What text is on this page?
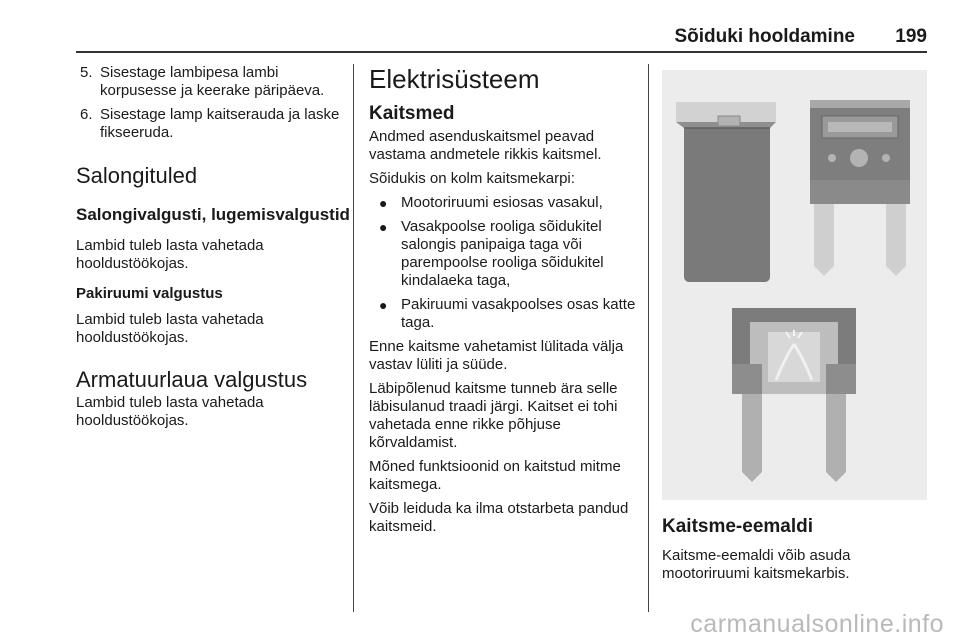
Sõiduki hooldamine 199
5. Sisestage lambipesa lambi korpusesse ja keerake päripäeva.
6. Sisestage lamp kaitserauda ja laske fikseeruda.
Salongituled
Salongivalgusti, lugemisvalgustid

Lambid tuleb lasta vahetada hooldustöökojas.

Pakiruumi valgustus

Lambid tuleb lasta vahetada hooldustöökojas.

Armatuurlaua valgustus

Lambid tuleb lasta vahetada hooldustöökojas.

Elektrisüsteem
Kaitsmed

Andmed asenduskaitsmel peavad vastama andmetele rikkis kaitsmel.

Sõidukis on kolm kaitsmekarpi:

● Mootoriruumi esiosas vasakul,
● Vasakpoolse rooliga sõidukitel salongis panipaiga taga või parempoolse rooliga sõidukitel kindalaeka taga,
● Pakiruumi vasakpoolses osas katte taga.

Enne kaitsme vahetamist lülitada välja vastav lüliti ja süüde.

Läbipõlenud kaitsme tunneb ära selle läbisulanud traadi järgi. Kaitset ei tohi vahetada enne rikke põhjuse kõrvaldamist.

Mõned funktsioonid on kaitstud mitme kaitsmega.

Võib leiduda ka ilma otstarbeta pandud kaitsmeid.	Kaitsme-eemaldi

Kaitsme-eemaldi võib asuda mootoriruumi kaitsmekarbis.

carmanualsonline.info
